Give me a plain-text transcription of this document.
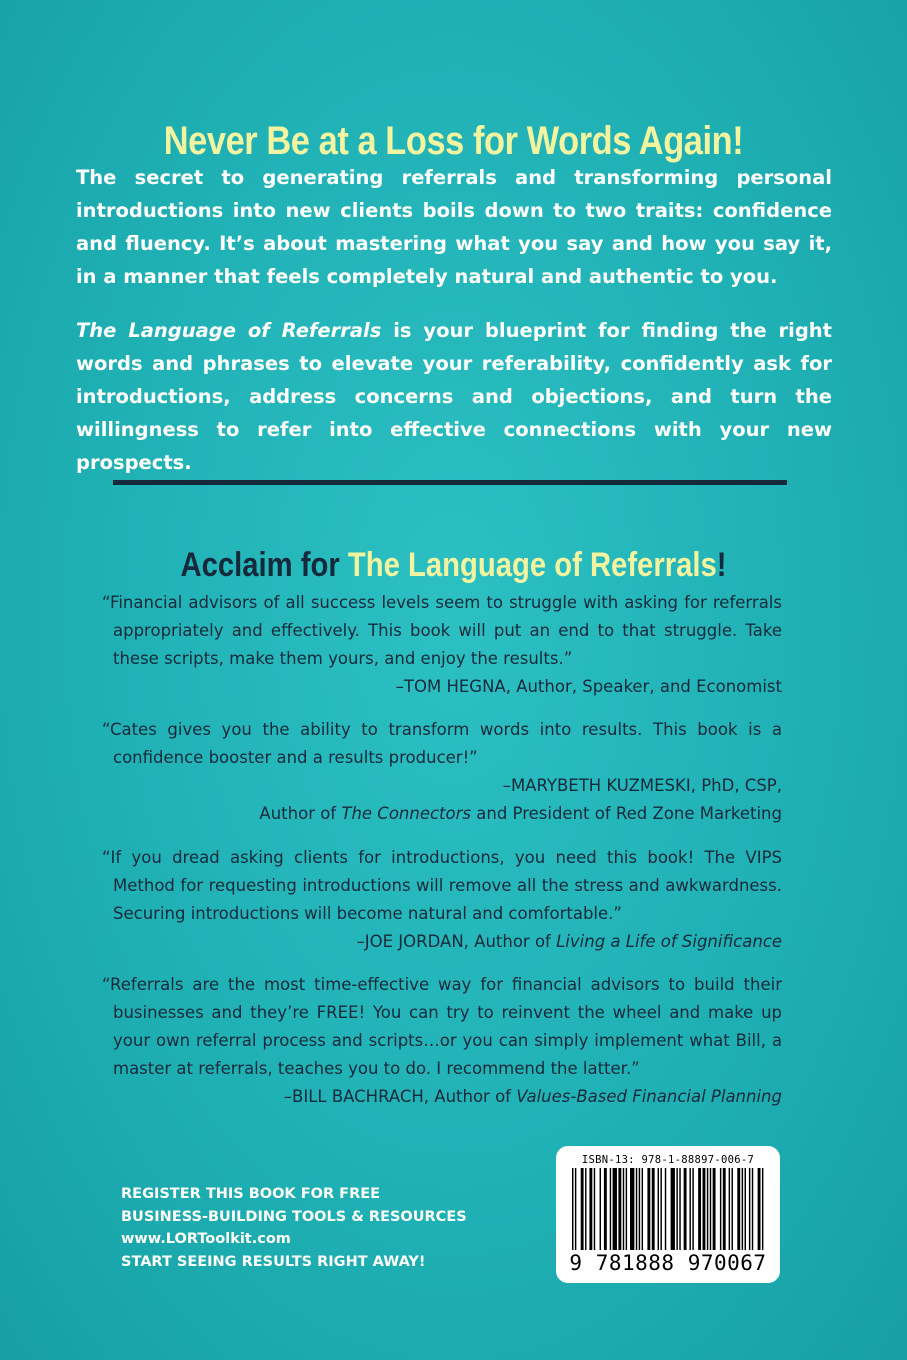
Never Be at a Loss for Words Again!

The secret to generating referrals and transforming personal introductions into new clients boils down to two traits: confidence and fluency. It’s about mastering what you say and how you say it, in a manner that feels completely natural and authentic to you.

The Language of Referrals is your blueprint for finding the right words and phrases to elevate your referability, confidently ask for introductions, address concerns and objections, and turn the willingness to refer into effective connections with your new prospects.

Acclaim for The Language of Referrals!

“Financial advisors of all success levels seem to struggle with asking for referrals appropriately and effectively. This book will put an end to that struggle. Take these scripts, make them yours, and enjoy the results.”

–TOM HEGNA, Author, Speaker, and Economist

“Cates gives you the ability to transform words into results. This book is a confidence booster and a results producer!”

–MARYBETH KUZMESKI, PhD, CSP,

Author of The Connectors and President of Red Zone Marketing

“If you dread asking clients for introductions, you need this book! The VIPS Method for requesting introductions will remove all the stress and awkwardness. Securing introductions will become natural and comfortable.”

–JOE JORDAN, Author of Living a Life of Significance

“Referrals are the most time-effective way for financial advisors to build their businesses and they’re FREE! You can try to reinvent the wheel and make up your own referral process and scripts…or you can simply implement what Bill, a master at referrals, teaches you to do. I recommend the latter.”

–BILL BACHRACH, Author of Values-Based Financial Planning

REGISTER THIS BOOK FOR FREE
BUSINESS-BUILDING TOOLS & RESOURCES
www.LORToolkit.com
START SEEING RESULTS RIGHT AWAY!
ISBN-13: 978-1-88897-006-7
9 781888 970067
